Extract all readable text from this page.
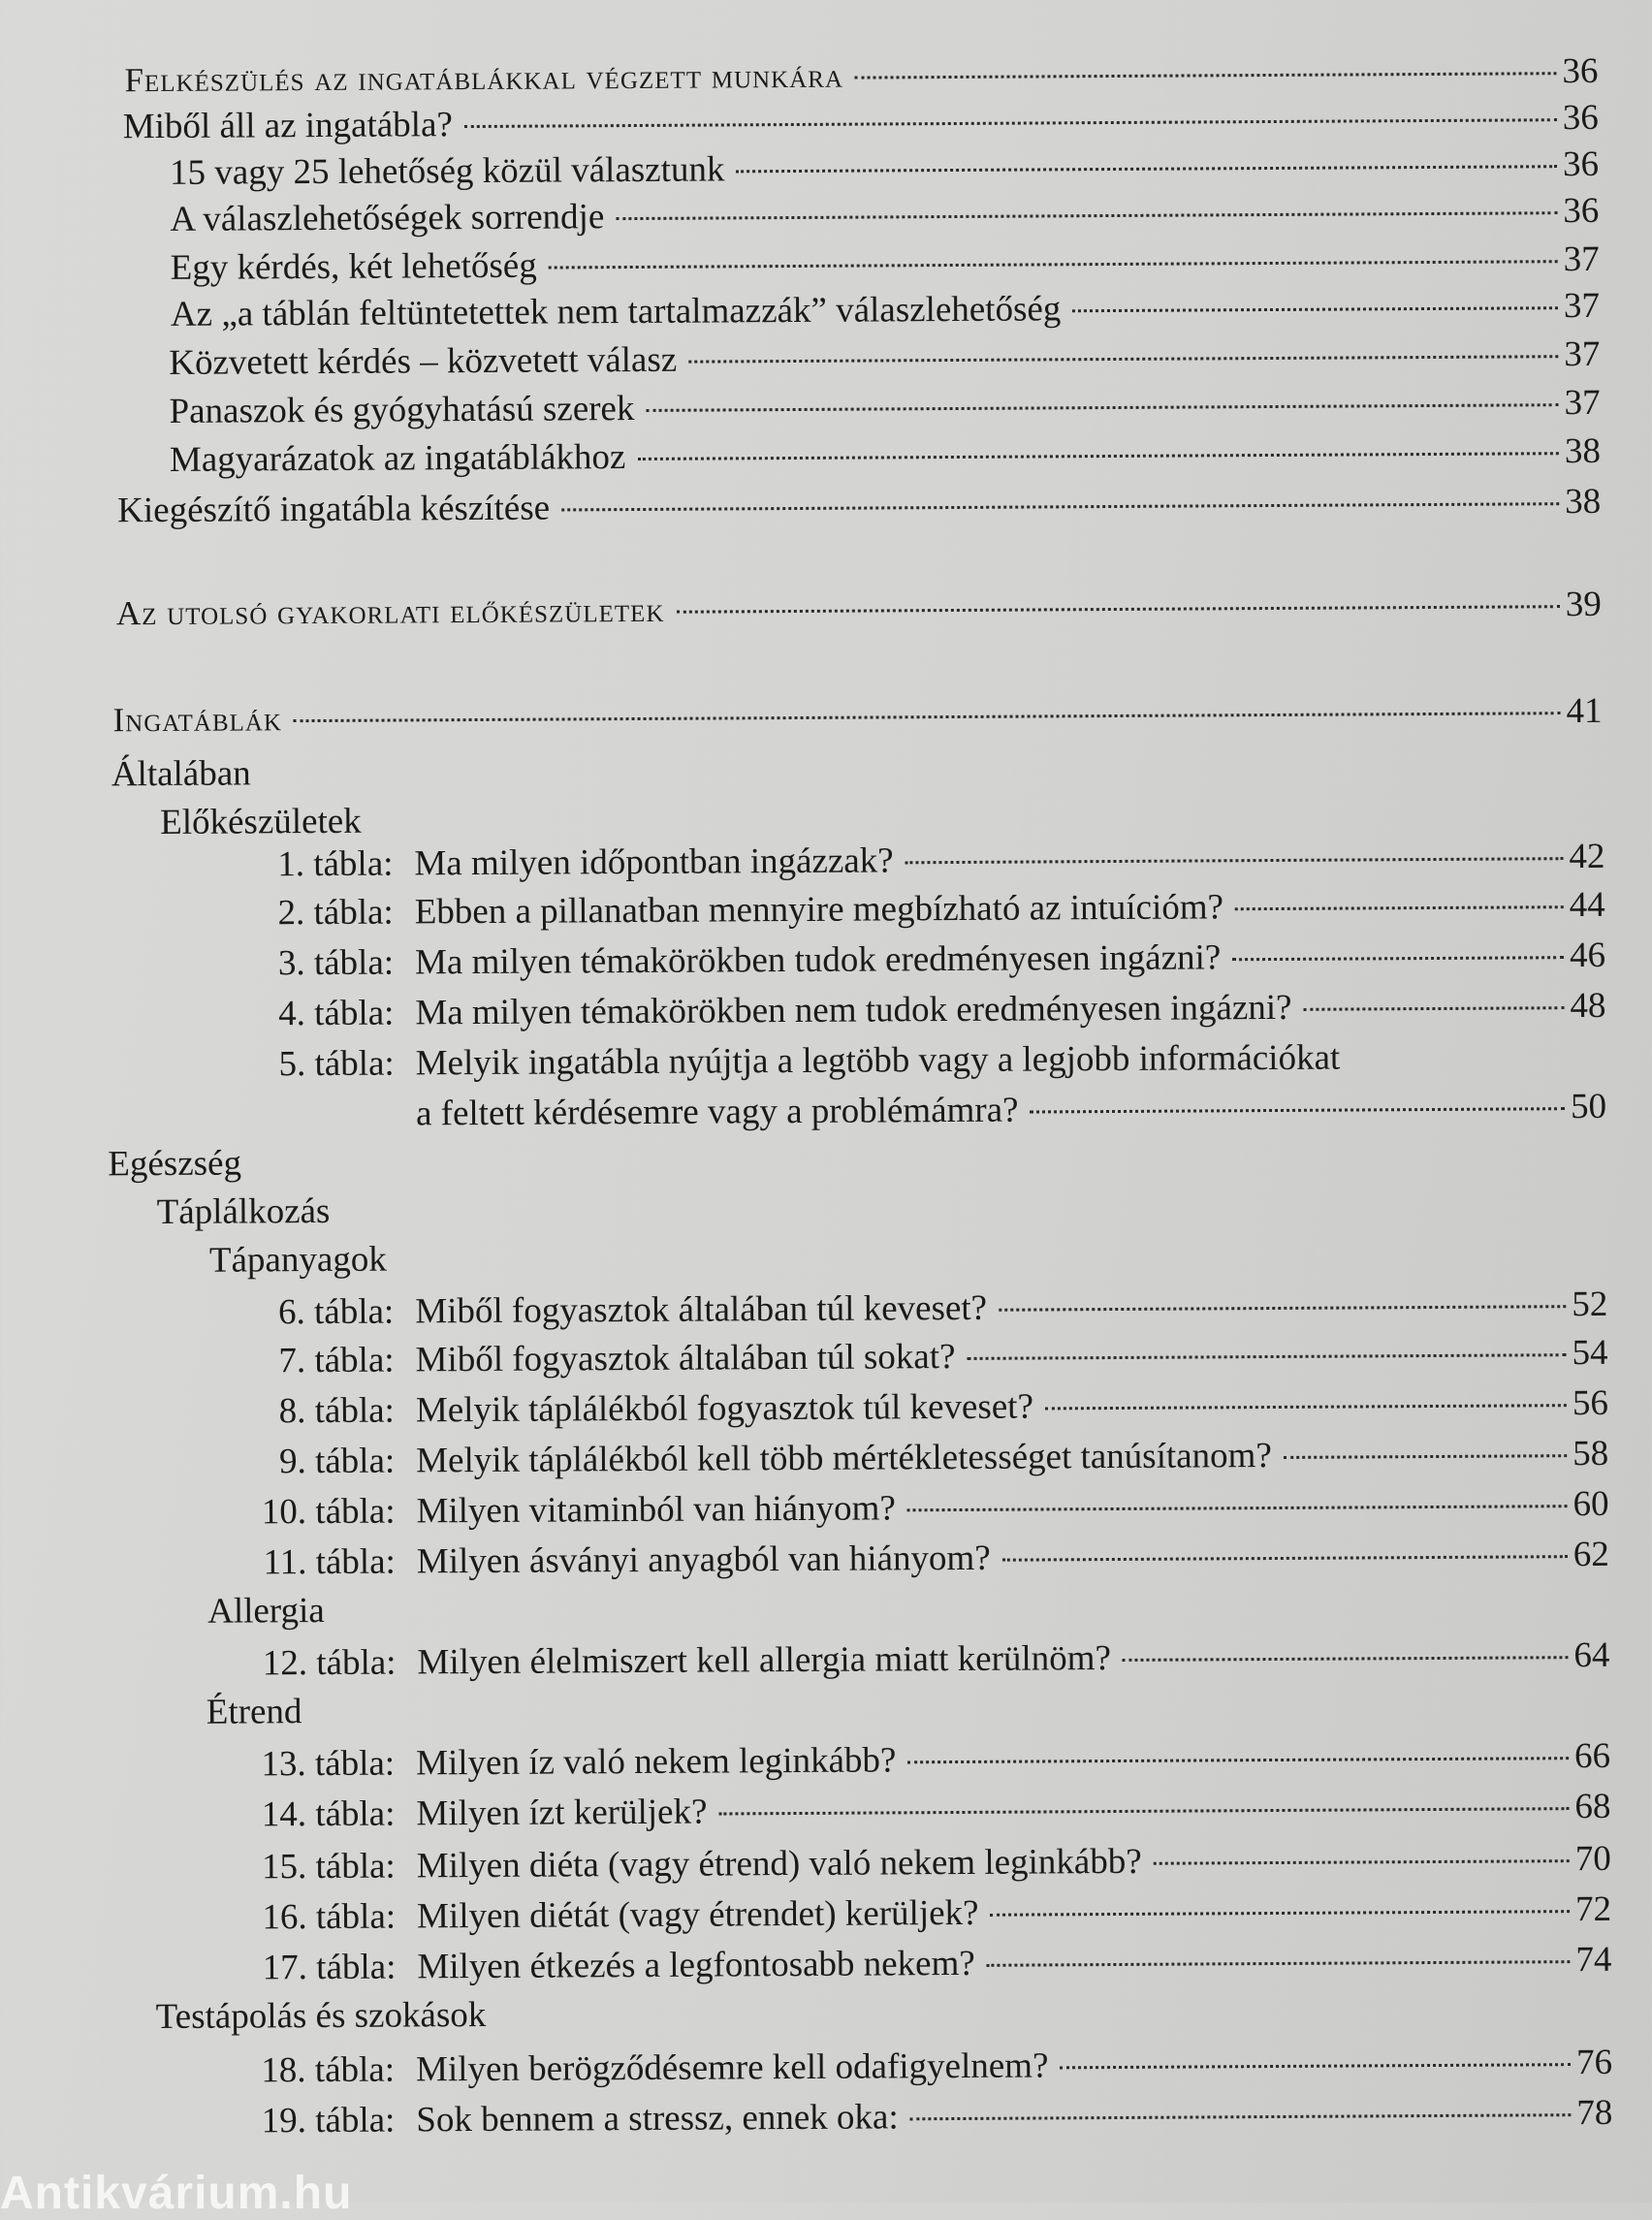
Felkészülés az ingatáblákkal végzett munkára	36
Miből áll az ingatábla?	36
15 vagy 25 lehetőség közül választunk	36
A válaszlehetőségek sorrendje	36
Egy kérdés, két lehetőség	37
Az „a táblán feltüntetettek nem tartalmazzák” válaszlehetőség	37
Közvetett kérdés – közvetett válasz	37
Panaszok és gyógyhatású szerek	37
Magyarázatok az ingatáblákhoz	38
Kiegészítő ingatábla készítése	38
Az utolsó gyakorlati előkészületek	39
Ingatáblák	41
Általában
Előkészületek
1. tábla: Ma milyen időpontban ingázzak?	42
2. tábla: Ebben a pillanatban mennyire megbízható az intuícióm?	44
3. tábla: Ma milyen témakörökben tudok eredményesen ingázni?	46
4. tábla: Ma milyen témakörökben nem tudok eredményesen ingázni?	48
5. tábla: Melyik ingatábla nyújtja a legtöbb vagy a legjobb információkat
a feltett kérdésemre vagy a problémámra?	50
Egészség
Táplálkozás
Tápanyagok
6. tábla: Miből fogyasztok általában túl keveset?	52
7. tábla: Miből fogyasztok általában túl sokat?	54
8. tábla: Melyik táplálékból fogyasztok túl keveset?	56
9. tábla: Melyik táplálékból kell több mértékletességet tanúsítanom?	58
10. tábla: Milyen vitaminból van hiányom?	60
11. tábla: Milyen ásványi anyagból van hiányom?	62
Allergia
12. tábla: Milyen élelmiszert kell allergia miatt kerülnöm?	64
Étrend
13. tábla: Milyen íz való nekem leginkább?	66
14. tábla: Milyen ízt kerüljek?	68
15. tábla: Milyen diéta (vagy étrend) való nekem leginkább?	70
16. tábla: Milyen diétát (vagy étrendet) kerüljek?	72
17. tábla: Milyen étkezés a legfontosabb nekem?	74
Testápolás és szokások
18. tábla: Milyen berögződésemre kell odafigyelnem?	76
19. tábla: Sok bennem a stressz, ennek oka:	78
Antikvárium.hu
